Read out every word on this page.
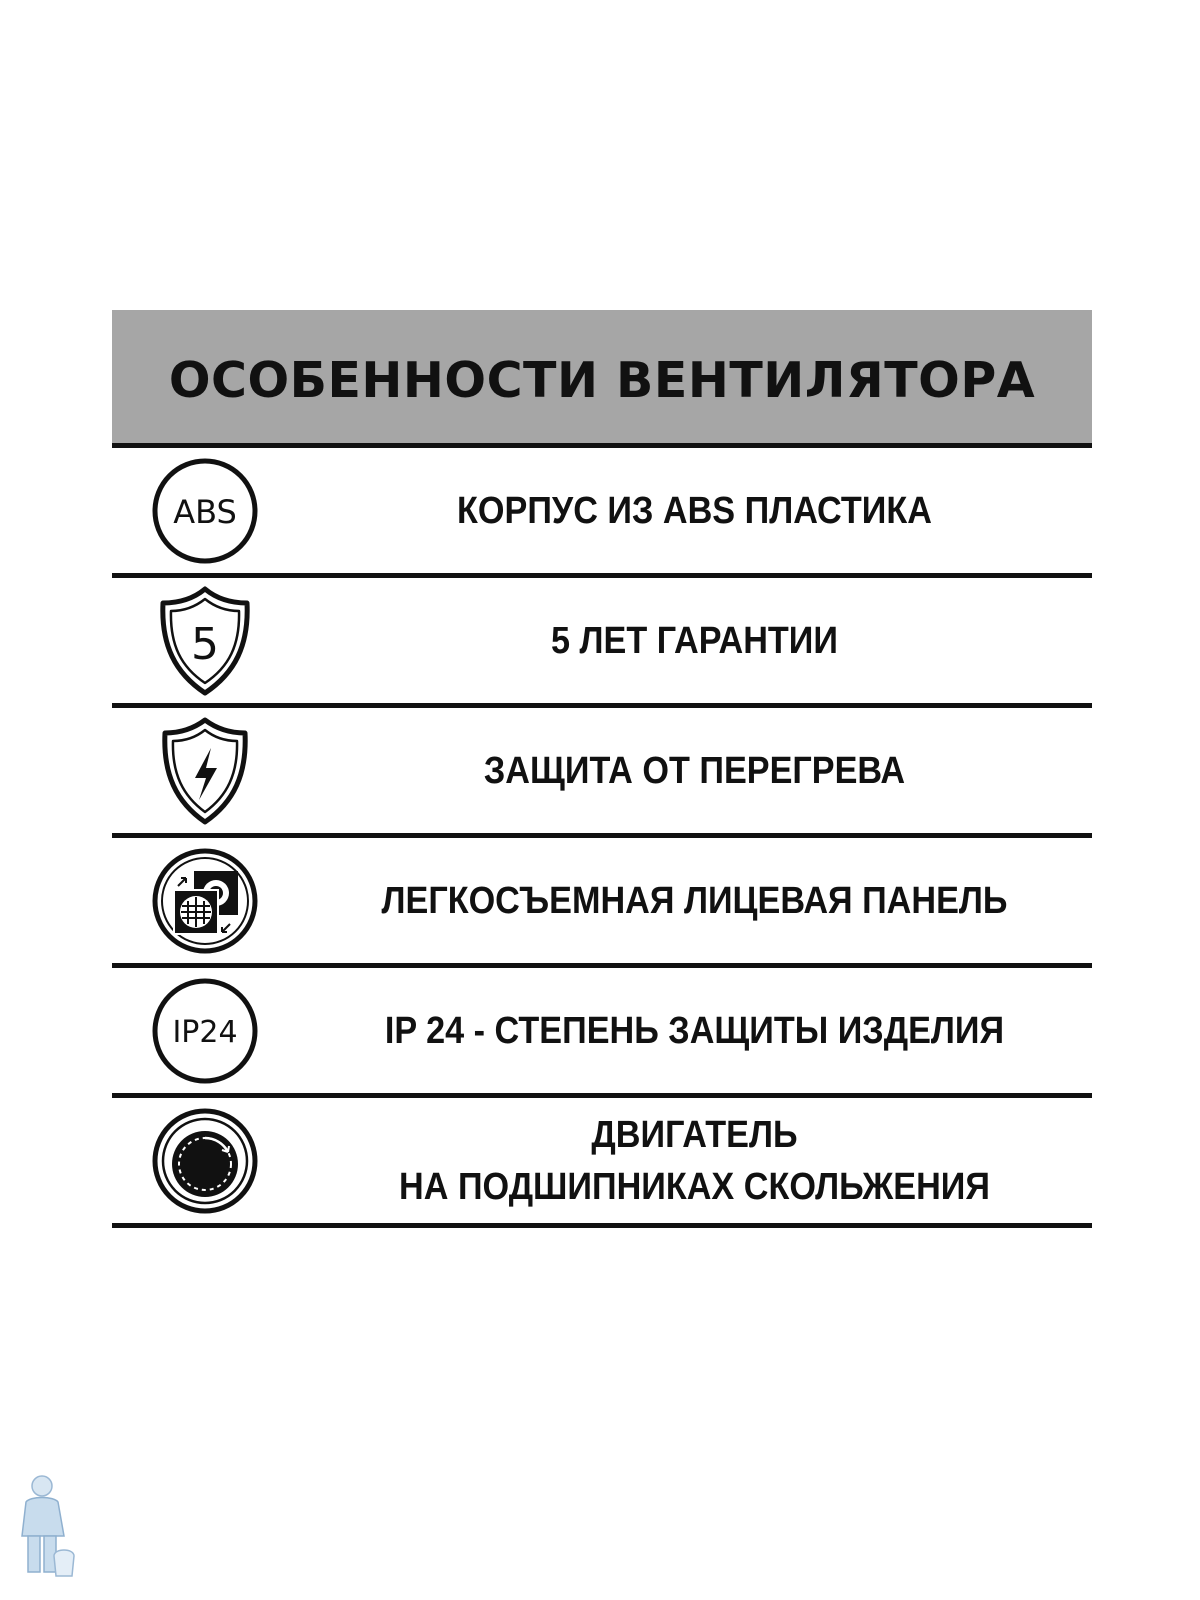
ОСОБЕННОСТИ ВЕНТИЛЯТОРА
ABS	КОРПУС ИЗ ABS ПЛАСТИКА
5	5 ЛЕТ ГАРАНТИИ
ЗАЩИТА ОТ ПЕРЕГРЕВА
ЛЕГКОСЪЕМНАЯ ЛИЦЕВАЯ ПАНЕЛЬ
IP24	IP 24 - СТЕПЕНЬ ЗАЩИТЫ ИЗДЕЛИЯ
ДВИГАТЕЛЬ
НА ПОДШИПНИКАХ СКОЛЬЖЕНИЯ
